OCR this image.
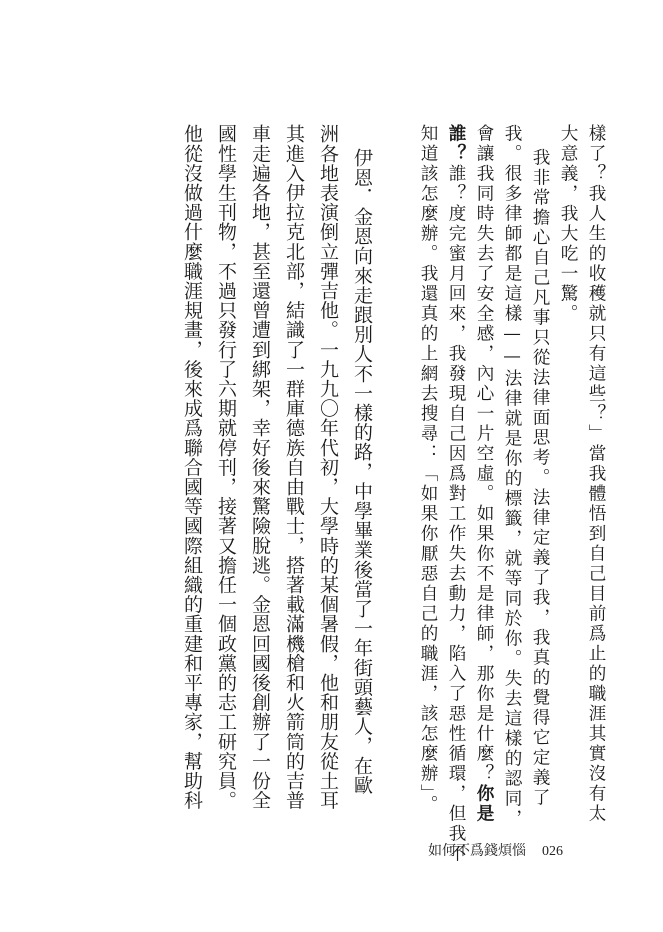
樣了？我人生的收穫就只有這些？」當我體悟到自己目前爲止的職涯其實沒有太
大意義，我大吃一驚。
我非常擔心自己凡事只從法律面思考。法律定義了我，我真的覺得它定義了
我。很多律師都是這樣——法律就是你的標籤，就等同於你。失去這樣的認同，
會讓我同時失去了安全感，內心一片空虛。如果你不是律師，那你是什麼？你是
誰？誰？度完蜜月回來，我發現自己因爲對工作失去動力，陷入了惡性循環，但我不
知道該怎麼辦。我還真的上網去搜尋：「如果你厭惡自己的職涯，該怎麼辦」。
伊恩．金恩向來走跟別人不一樣的路，中學畢業後當了一年街頭藝人，在歐
洲各地表演倒立彈吉他。一九九〇年代初，大學時的某個暑假，他和朋友從土耳
其進入伊拉克北部，結識了一群庫德族自由戰士，搭著載滿機槍和火箭筒的吉普
車走遍各地，甚至還曾遭到綁架，幸好後來驚險脫逃。金恩回國後創辦了一份全
國性學生刊物，不過只發行了六期就停刊，接著又擔任一個政黨的志工研究員。
他從沒做過什麼職涯規畫，後來成爲聯合國等國際組織的重建和平專家，幫助科
如何不爲錢煩惱 026
